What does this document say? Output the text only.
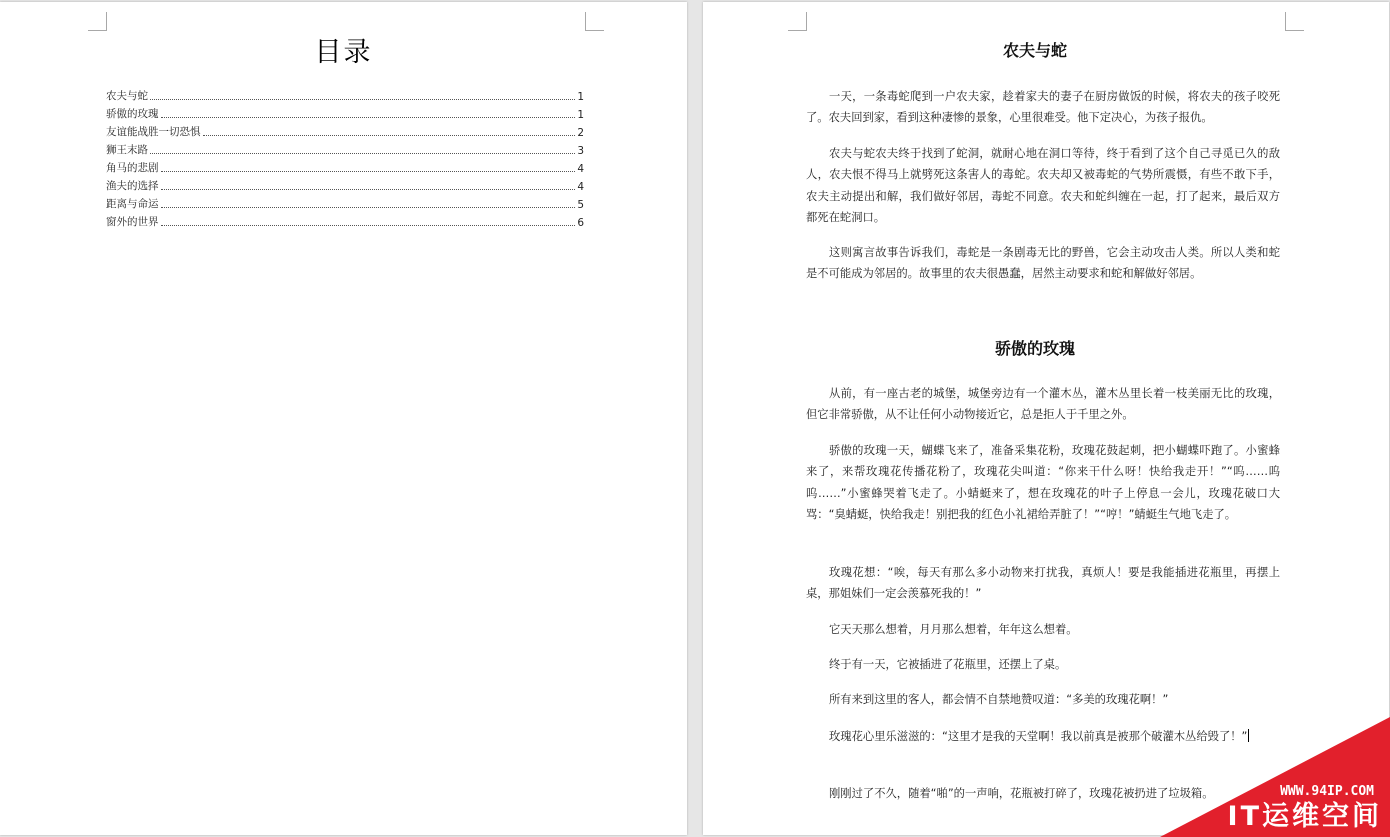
目录
农夫与蛇	1
骄傲的玫瑰	1
友谊能战胜一切恐惧	2
狮王末路	3
角马的悲剧	4
渔夫的选择	4
距离与命运	5
窗外的世界	6
农夫与蛇

一天，一条毒蛇爬到一户农夫家，趁着家夫的妻子在厨房做饭的时候，将农夫的孩子咬死了。农夫回到家，看到这种凄惨的景象，心里很难受。他下定决心，为孩子报仇。

农夫与蛇农夫终于找到了蛇洞，就耐心地在洞口等待，终于看到了这个自己寻觅已久的敌人，农夫恨不得马上就劈死这条害人的毒蛇。农夫却又被毒蛇的气势所震慑，有些不敢下手，农夫主动提出和解，我们做好邻居，毒蛇不同意。农夫和蛇纠缠在一起，打了起来，最后双方都死在蛇洞口。

这则寓言故事告诉我们，毒蛇是一条剧毒无比的野兽，它会主动攻击人类。所以人类和蛇是不可能成为邻居的。故事里的农夫很愚蠢，居然主动要求和蛇和解做好邻居。

骄傲的玫瑰

从前，有一座古老的城堡，城堡旁边有一个灌木丛，灌木丛里长着一枝美丽无比的玫瑰，但它非常骄傲，从不让任何小动物接近它，总是拒人于千里之外。

骄傲的玫瑰一天，蝴蝶飞来了，准备采集花粉，玫瑰花鼓起刺，把小蝴蝶吓跑了。小蜜蜂来了，来帮玫瑰花传播花粉了，玫瑰花尖叫道：“你来干什么呀！快给我走开！”“呜……呜呜……”小蜜蜂哭着飞走了。小蜻蜓来了，想在玫瑰花的叶子上停息一会儿，玫瑰花破口大骂：“臭蜻蜓，快给我走！别把我的红色小礼裙给弄脏了！”“哼！”蜻蜓生气地飞走了。

玫瑰花想：“唉，每天有那么多小动物来打扰我，真烦人！要是我能插进花瓶里，再摆上桌，那姐妹们一定会羡慕死我的！”

它天天那么想着，月月那么想着，年年这么想着。

终于有一天，它被插进了花瓶里，还摆上了桌。

所有来到这里的客人，都会情不自禁地赞叹道：“多美的玫瑰花啊！”

玫瑰花心里乐滋滋的：“这里才是我的天堂啊！我以前真是被那个破灌木丛给毁了！”

刚刚过了不久，随着“啪”的一声响，花瓶被打碎了，玫瑰花被扔进了垃圾箱。	WWW.94IP.COM
IT运维空间
